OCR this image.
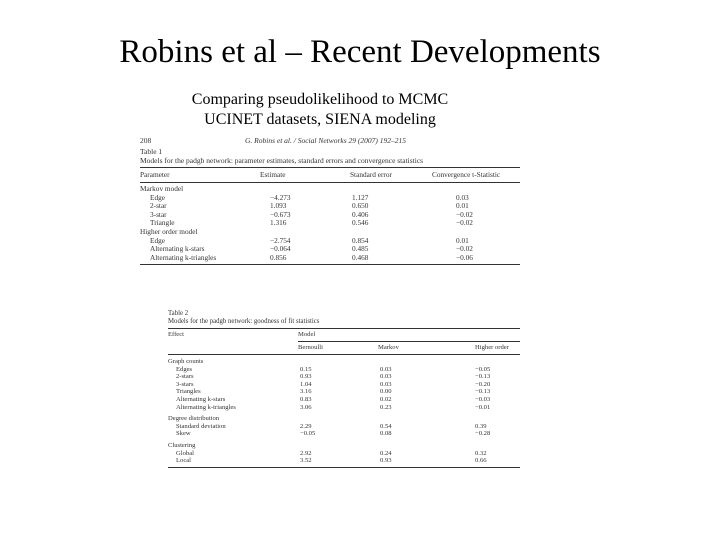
Robins et al – Recent Developments
Comparing pseudolikelihood to MCMC
UCINET datasets, SIENA modeling
208	G. Robins et al. / Social Networks 29 (2007) 192–215
Table 1
Models for the padgb network: parameter estimates, standard errors and convergence statistics
Parameter	Estimate	Standard error	Convergence t-Statistic
Markov model			
Edge	−4.273	1.127	0.03
2-star	1.093	0.650	0.01
3-star	−0.673	0.406	−0.02
Triangle	1.316	0.546	−0.02
Higher order model			
Edge	−2.754	0.854	0.01
Alternating k-stars	−0.064	0.485	−0.02
Alternating k-triangles	0.856	0.468	−0.06
Table 2
Models for the padgb network: goodness of fit statistics
Effect	Model		
	Bernoulli	Markov	Higher order
Graph counts			
Edges	0.15	0.03	−0.05
2-stars	0.93	0.03	−0.13
3-stars	1.04	0.03	−0.20
Triangles	3.16	0.00	−0.13
Alternating k-stars	0.83	0.02	−0.03
Alternating k-triangles	3.06	0.23	−0.01

Degree distribution			
Standard deviation	2.29	0.54	0.39
Skew	−0.05	0.08	−0.28

Clustering			
Global	2.92	0.24	0.32
Local	3.52	0.93	0.66
